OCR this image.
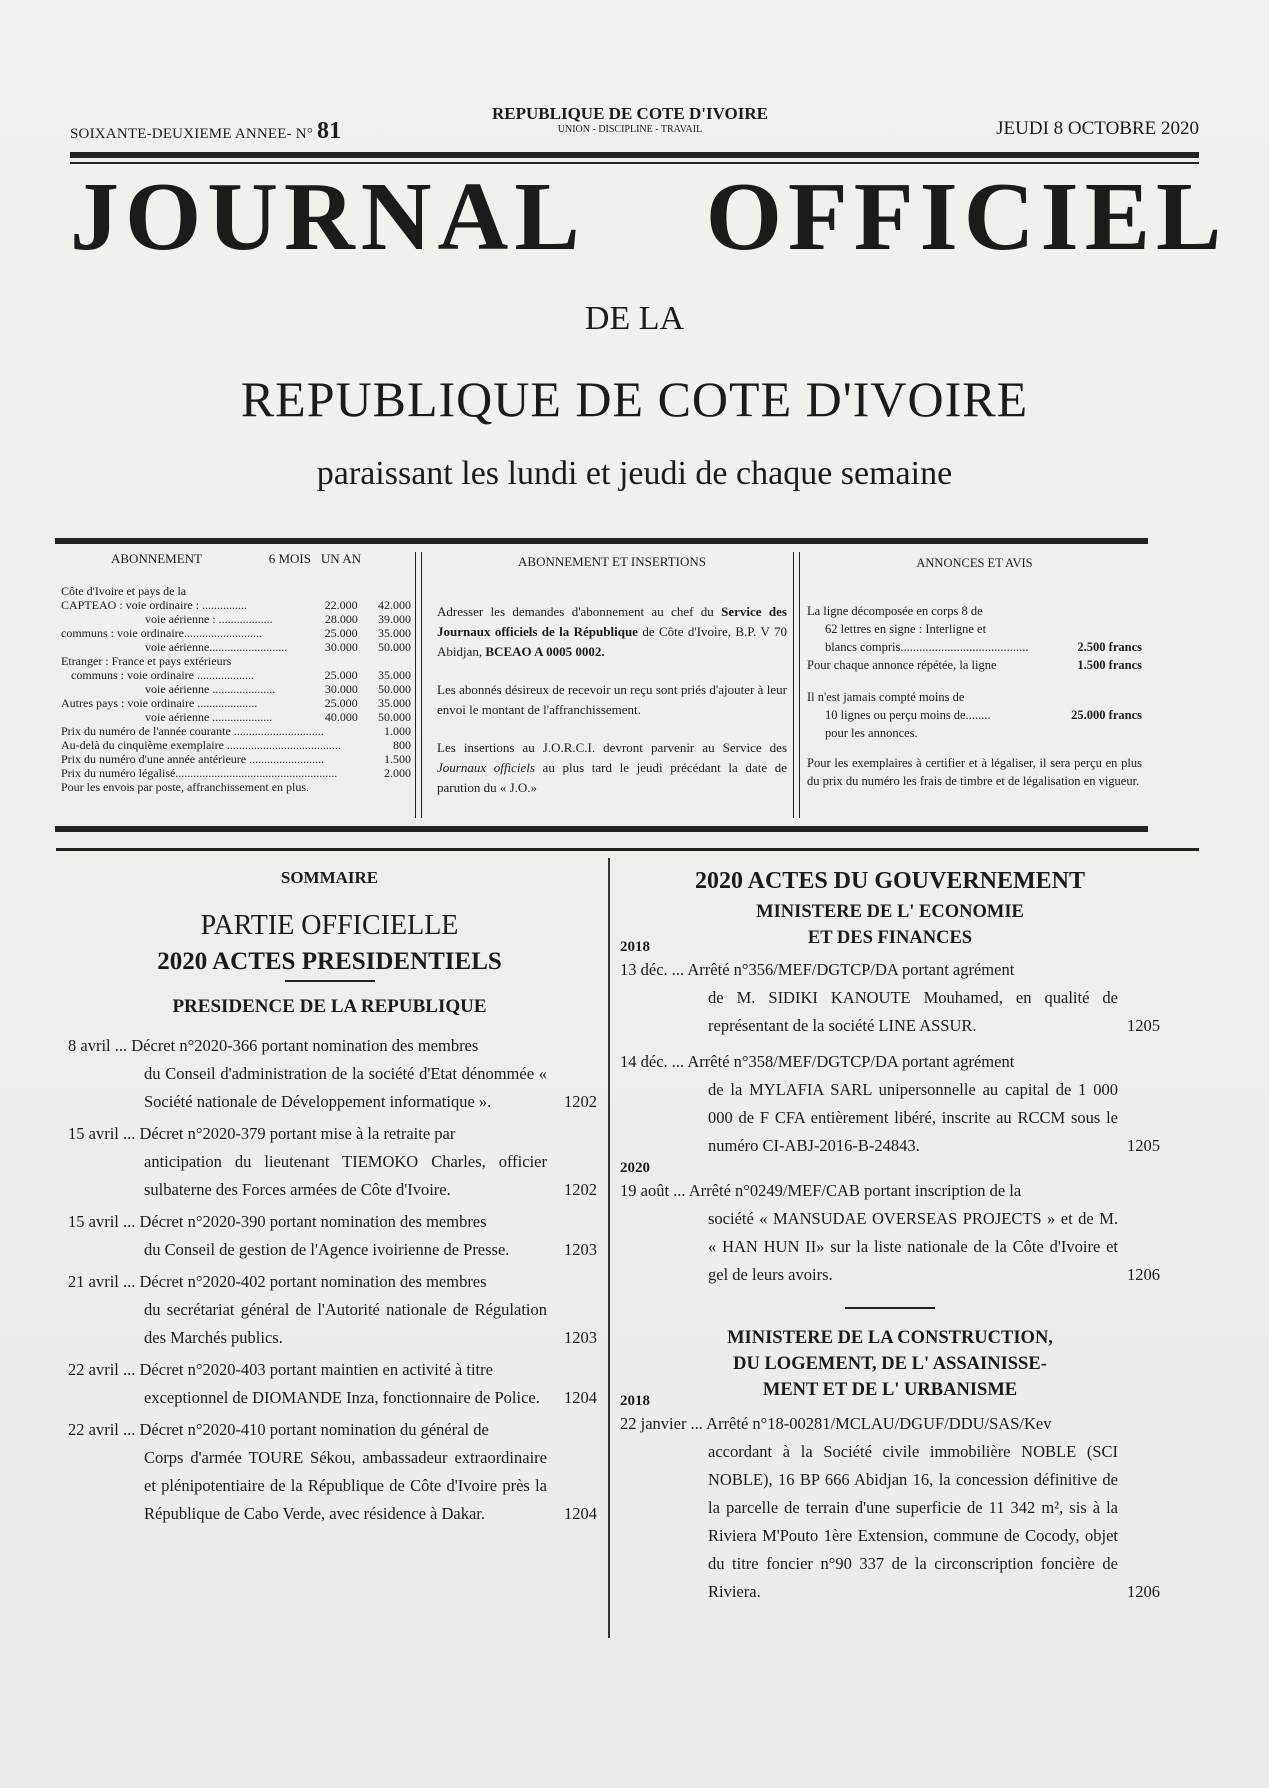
SOIXANTE-DEUXIEME ANNEE- N° 81
REPUBLIQUE DE COTE D'IVOIRE
UNION - DISCIPLINE - TRAVAIL	JEUDI 8 OCTOBRE 2020
JOURNAL OFFICIEL
DE LA
REPUBLIQUE DE COTE D'IVOIRE
paraissant les lundi et jeudi de chaque semaine
ABONNEMENT	6 MOIS UN AN
Côte d'Ivoire et pays de la
CAPTEAO : voie ordinaire : ...............	22.000	42.000
voie aérienne : ..................	28.000	39.000
communs : voie ordinaire..........................	25.000	35.000
voie aérienne..........................	30.000	50.000
Etranger : France et pays extérieurs
communs : voie ordinaire ...................	25.000	35.000
voie aérienne .....................	30.000	50.000
Autres pays : voie ordinaire ....................	25.000	35.000
voie aérienne ....................	40.000	50.000
Prix du numéro de l'année courante ..............................	1.000
Au-delà du cinquième exemplaire ......................................	800
Prix du numéro d'une année antérieure .........................	1.500
Prix du numéro légalisé......................................................	2.000
Pour les envois par poste, affranchissement en plus.
ABONNEMENT ET INSERTIONS

Adresser les demandes d'abonnement au chef du Service des Journaux officiels de la République de Côte d'Ivoire, B.P. V 70 Abidjan, BCEAO A 0005 0002.

Les abonnés désireux de recevoir un reçu sont priés d'ajouter à leur envoi le montant de l'affranchissement.

Les insertions au J.O.R.C.I. devront parvenir au Service des Journaux officiels au plus tard le jeudi précédant la date de parution du « J.O.»

ANNONCES ET AVIS

La ligne décomposée en corps 8 de
62 lettres en signe : Interligne et
blancs compris.........................................	2.500 francs
Pour chaque annonce répétée, la ligne	1.500 francs

Il n'est jamais compté moins de
10 lignes ou perçu moins de........	25.000 francs
pour les annonces.

Pour les exemplaires à certifier et à légaliser, il sera perçu en plus du prix du numéro les frais de timbre et de légalisation en vigueur.

SOMMAIRE
PARTIE OFFICIELLE
2020 ACTES PRESIDENTIELS
PRESIDENCE DE LA REPUBLIQUE
8 avril ... Décret n°2020-366 portant nomination des membres
du Conseil d'administration de la société d'Etat dénommée « Société nationale de Développement informatique ».	1202
15 avril ... Décret n°2020-379 portant mise à la retraite par
anticipation du lieutenant TIEMOKO Charles, officier sulbaterne des Forces armées de Côte d'Ivoire.	1202
15 avril ... Décret n°2020-390 portant nomination des membres
du Conseil de gestion de l'Agence ivoirienne de Presse.	1203
21 avril ... Décret n°2020-402 portant nomination des membres
du secrétariat général de l'Autorité nationale de Régulation des Marchés publics.	1203
22 avril ... Décret n°2020-403 portant maintien en activité à titre
exceptionnel de DIOMANDE Inza, fonctionnaire de Police.	1204
22 avril ... Décret n°2020-410 portant nomination du général de
Corps d'armée TOURE Sékou, ambassadeur extraordinaire et plénipotentiaire de la République de Côte d'Ivoire près la République de Cabo Verde, avec résidence à Dakar.	1204
2020 ACTES DU GOUVERNEMENT
MINISTERE DE L' ECONOMIE
ET DES FINANCES
2018
13 déc. ... Arrêté n°356/MEF/DGTCP/DA portant agrément
de M. SIDIKI KANOUTE Mouhamed, en qualité de représentant de la société LINE ASSUR.	1205
14 déc. ... Arrêté n°358/MEF/DGTCP/DA portant agrément
de la MYLAFIA SARL unipersonnelle au capital de 1 000 000 de F CFA entièrement libéré, inscrite au RCCM sous le numéro CI-ABJ-2016-B-24843.	1205
2020
19 août ... Arrêté n°0249/MEF/CAB portant inscription de la
société « MANSUDAE OVERSEAS PROJECTS » et de M. « HAN HUN II» sur la liste nationale de la Côte d'Ivoire et gel de leurs avoirs.	1206
MINISTERE DE LA CONSTRUCTION,
DU LOGEMENT, DE L' ASSAINISSE-
MENT ET DE L' URBANISME
2018
22 janvier ... Arrêté n°18-00281/MCLAU/DGUF/DDU/SAS/Kev
accordant à la Société civile immobilière NOBLE (SCI NOBLE), 16 BP 666 Abidjan 16, la concession définitive de la parcelle de terrain d'une superficie de 11 342 m², sis à la Riviera M'Pouto 1ère Extension, commune de Cocody, objet du titre foncier n°90 337 de la circonscription foncière de Riviera.	1206
